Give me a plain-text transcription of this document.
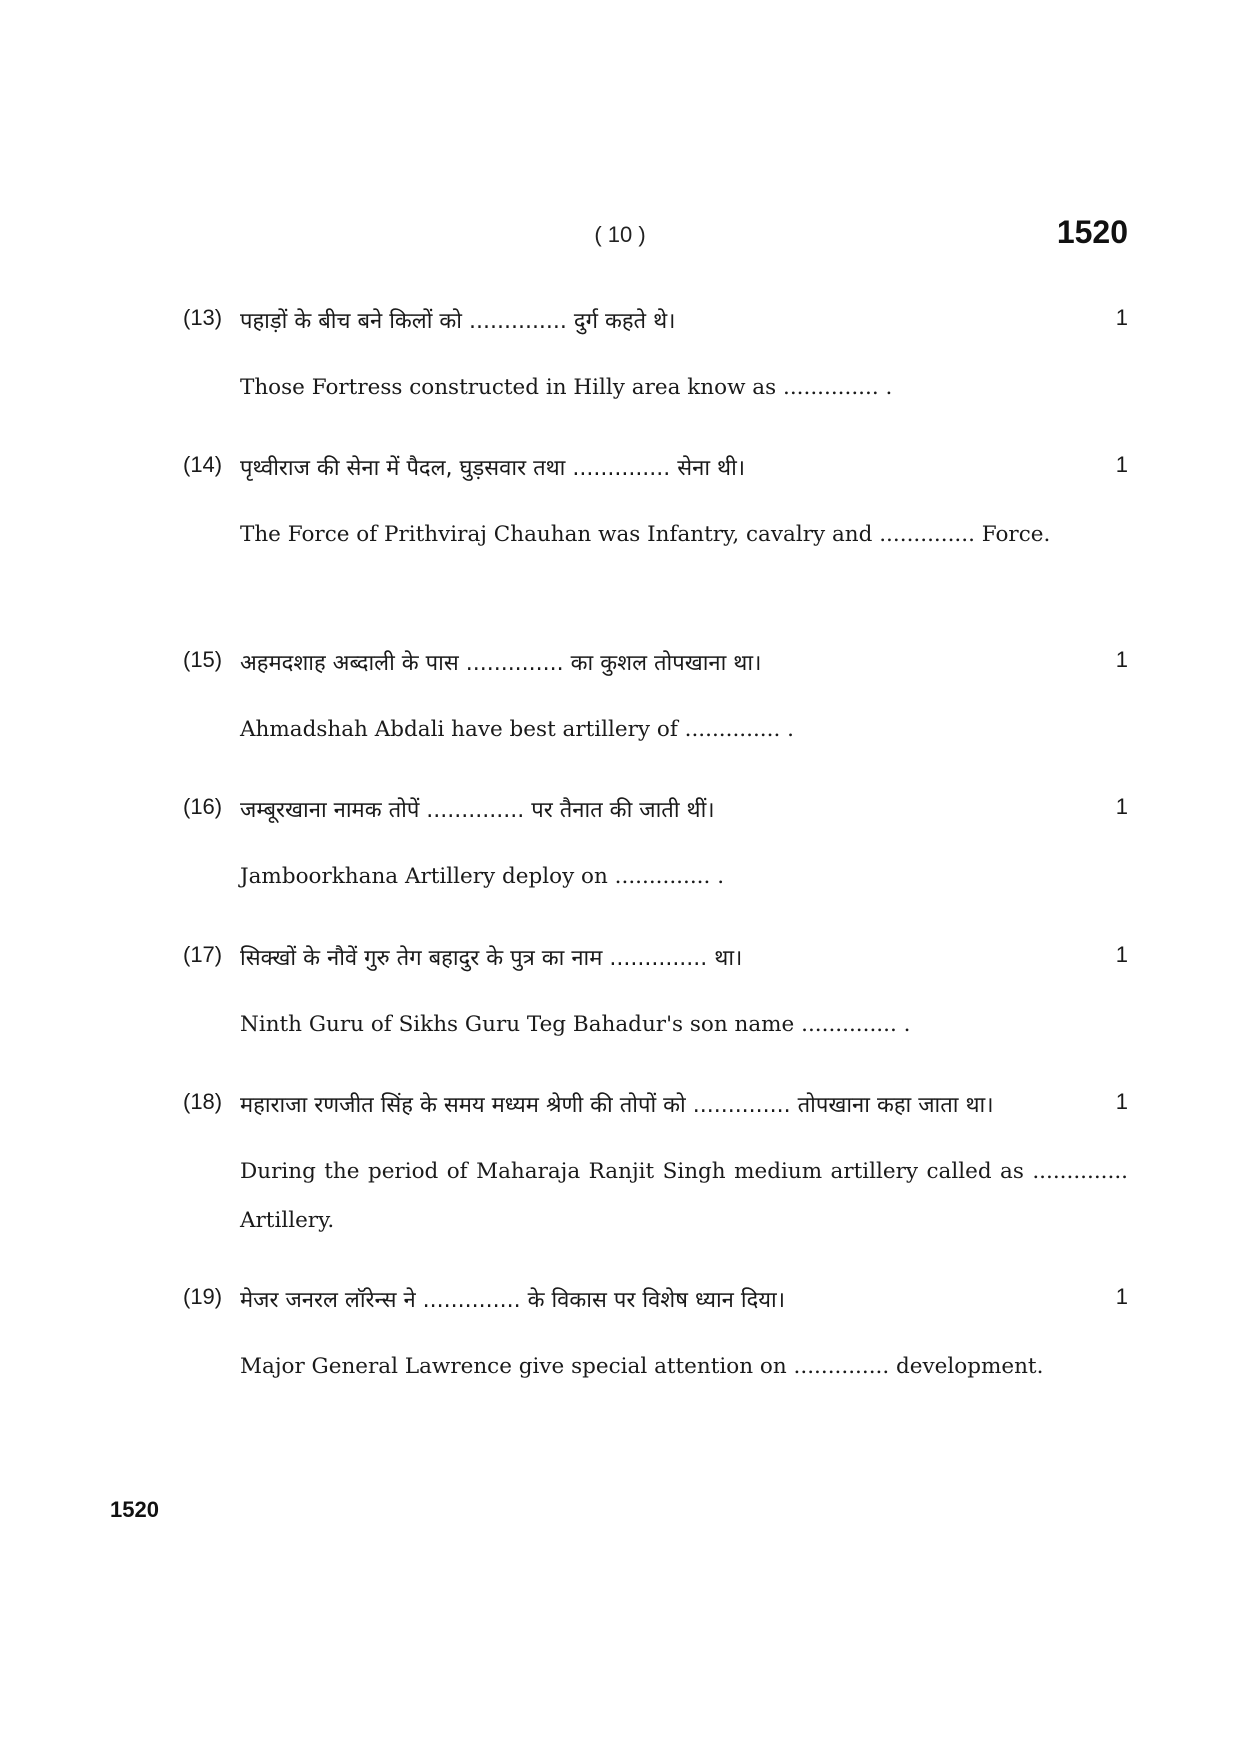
( 10 )	1520
(13) पहाड़ों के बीच बने किलों को .............. दुर्ग कहते थे।	1
Those Fortress constructed in Hilly area know as .............. .
(14) पृथ्वीराज की सेना में पैदल, घुड़सवार तथा .............. सेना थी।	1
The Force of Prithviraj Chauhan was Infantry, cavalry and .............. Force.
(15) अहमदशाह अब्दाली के पास .............. का कुशल तोपखाना था।	1
Ahmadshah Abdali have best artillery of .............. .
(16) जम्बूरखाना नामक तोपें .............. पर तैनात की जाती थीं।	1
Jamboorkhana Artillery deploy on .............. .
(17) सिक्खों के नौवें गुरु तेग बहादुर के पुत्र का नाम .............. था।	1
Ninth Guru of Sikhs Guru Teg Bahadur's son name .............. .
(18) महाराजा रणजीत सिंह के समय मध्यम श्रेणी की तोपों को .............. तोपखाना कहा जाता था।	1
During the period of Maharaja Ranjit Singh medium artillery called as .............. Artillery.
(19) मेजर जनरल लॉरेन्स ने .............. के विकास पर विशेष ध्यान दिया।	1
Major General Lawrence give special attention on .............. development.
1520
